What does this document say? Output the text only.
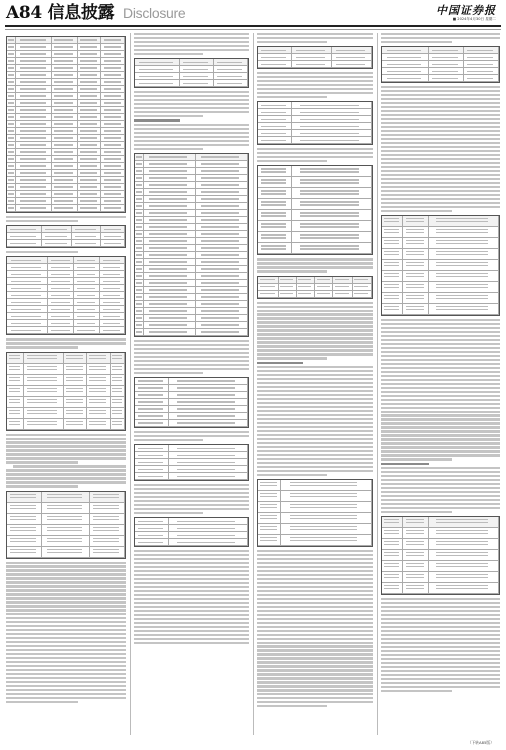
A84 信息披露 Disclosure	中国证券报
■ 2024年4月30日 星期二
（下转A85版）
